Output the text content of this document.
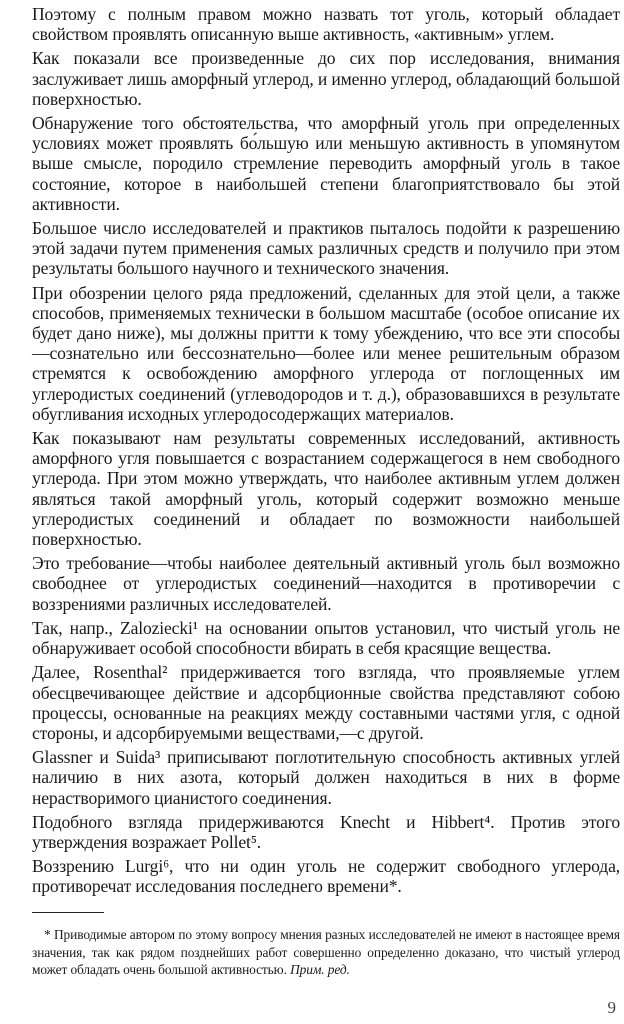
Поэтому с полным правом можно назвать тот уголь, который обладает свойством проявлять описанную выше активность, «активным» углем.

Как показали все произведенные до сих пор исследования, внимания заслуживает лишь аморфный углерод, и именно углерод, обладающий большой поверхностью.

Обнаружение того обстоятельства, что аморфный уголь при определенных условиях может проявлять бо́льшую или меньшую активность в упомянутом выше смысле, породило стремление переводить аморфный уголь в такое состояние, которое в наибольшей степени благоприятствовало бы этой активности.

Большое число исследователей и практиков пыталось подойти к разрешению этой задачи путем применения самых различных средств и получило при этом результаты большого научного и технического значения.

При обозрении целого ряда предложений, сделанных для этой цели, а также способов, применяемых технически в большом масштабе (особое описание их будет дано ниже), мы должны притти к тому убеждению, что все эти способы—сознательно или бессознательно—более или менее решительным образом стремятся к освобождению аморфного углерода от поглощенных им углеродистых соединений (углеводородов и т. д.), образовавшихся в результате обугливания исходных углеродосодержащих материалов.

Как показывают нам результаты современных исследований, активность аморфного угля повышается с возрастанием содержащегося в нем свободного углерода. При этом можно утверждать, что наиболее активным углем должен являться такой аморфный уголь, который содержит возможно меньше углеродистых соединений и обладает по возможности наибольшей поверхностью.

Это требование—чтобы наиболее деятельный активный уголь был возможно свободнее от углеродистых соединений—находится в противоречии с воззрениями различных исследователей.

Так, напр., Zaloziecki¹ на основании опытов установил, что чистый уголь не обнаруживает особой способности вбирать в себя красящие вещества.

Далее, Rosenthal² придерживается того взгляда, что проявляемые углем обесцвечивающее действие и адсорбционные свойства представляют собою процессы, основанные на реакциях между составными частями угля, с одной стороны, и адсорбируемыми веществами,—с другой.

Glassner и Suida³ приписывают поглотительную способность активных углей наличию в них азота, который должен находиться в них в форме нерастворимого цианистого соединения.

Подобного взгляда придерживаются Knecht и Hibbert⁴. Против этого утверждения возражает Pollet⁵.

Воззрению Lurgi⁶, что ни один уголь не содержит свободного углерода, противоречат исследования последнего времени*.

* Приводимые автором по этому вопросу мнения разных исследователей не имеют в настоящее время значения, так как рядом позднейших работ совершенно определенно доказано, что чистый углерод может обладать очень большой активностью. Прим. ред.
9
